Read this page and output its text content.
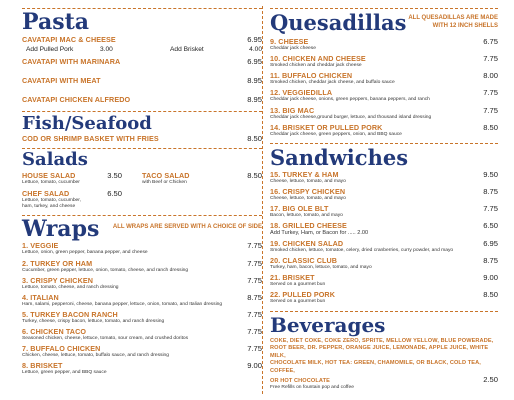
Pasta
CAVATAPI MAC & CHEESE	6.95
Add Pulled Pork	3.00	Add Brisket	4.00
CAVATAPI WITH MARINARA	6.95
CAVATAPI WITH MEAT	8.95
CAVATAPI CHICKEN ALFREDO	8.95
Fish/Seafood
COD OR SHRIMP BASKET WITH FRIES	8.50
Salads
HOUSE SALAD	3.50
Lettuce, tomato, cucumber
CHEF SALAD	6.50
Lettuce, tomato, cucumber,
ham, turkey, and cheese
TACO SALAD	8.50
with Beef or Chicken
Wraps ALL WRAPS ARE SERVED WITH A CHOICE OF SIDE
1. VEGGIE	7.75
Lettuce, onion, green pepper, banana pepper, and cheese
2. TURKEY OR HAM	7.75
Cucumber, green pepper, lettuce, onion, tomato, cheese, and ranch dressing
3. CRISPY CHICKEN	7.75
Lettuce, tomato, cheese, and ranch dressing
4. ITALIAN	8.75
Ham, salami, pepperoni, cheese, banana pepper, lettuce, onion, tomato, and Italian dressing
5. TURKEY BACON RANCH	7.75
Turkey, cheese, crispy bacon, lettuce, tomato, and ranch dressing
6. CHICKEN TACO	7.75
Seasoned chicken, cheese, lettuce, tomato, sour cream, and crushed doritos
7. BUFFALO CHICKEN	7.75
Chicken, cheese, lettuce, tomato, buffalo sauce, and ranch dressing
8. BRISKET	9.00
Lettuce, green pepper, and BBQ sauce
Quesadillas ALL QUESADILLAS ARE MADE
WITH 12 INCH SHELLS
9. CHEESE	6.75
Cheddar jack cheese
10. CHICKEN AND CHEESE	7.75
Smoked chicken and cheddar jack cheese
11. BUFFALO CHICKEN	8.00
Smoked chicken, cheddar jack cheese, and buffalo sauce
12. VEGGIEDILLA	7.75
Cheddar jack cheese, onions, green peppers, banana peppers, and ranch
13. BIG MAC	7.75
Cheddar jack cheese,ground burger, lettuce, and thousand island dressing
14. BRISKET OR PULLED PORK	8.50
Cheddar jack cheese, green peppers, onion, and BBQ sauce
Sandwiches
15. TURKEY & HAM	9.50
Cheese, lettuce, tomato, and mayo
16. CRISPY CHICKEN	8.75
Cheese, lettuce, tomato, and mayo
17. BIG OLE BLT	7.75
Bacon, lettuce, tomato, and mayo
18. GRILLED CHEESE	6.50
Add Turkey, Ham, or Bacon for ..... 2.00
19. CHICKEN SALAD	6.95
Smoked chicken, lettuce, tomatoe, celery, dried cranberries, curry powder, and mayo
20. CLASSIC CLUB	8.75
Turkey, ham, bacon, lettuce, tomato, and mayo
21. BRISKET	9.00
Served on a gourmet bun
22. PULLED PORK	8.50
Served on a gourmet bun
Beverages
COKE, DIET COKE, COKE ZERO, SPRITE, MELLOW YELLOW, BLUE POWERADE,
ROOT BEER, DR. PEPPER, ORANGE JUICE, LEMONADE, APPLE JUICE, WHITE MILK,
CHOCOLATE MILK, HOT TEA: GREEN, CHAMOMILE, OR BLACK, COLD TEA, COFFEE,
OR HOT CHOCOLATE	2.50
Free Refills on fountain pop and coffee
